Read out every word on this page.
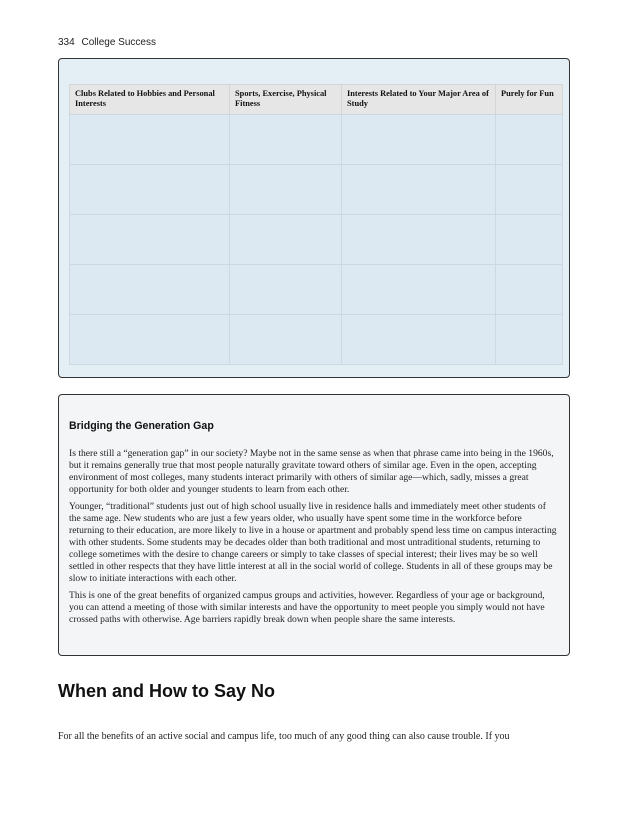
334 College Success
Clubs Related to Hobbies and Personal Interests	Sports, Exercise, Physical Fitness	Interests Related to Your Major Area of Study	Purely for Fun

Bridging the Generation Gap

Is there still a “generation gap” in our society? Maybe not in the same sense as when that phrase came into being in the 1960s, but it remains generally true that most people naturally gravitate toward others of similar age. Even in the open, accepting environment of most colleges, many students interact primarily with others of similar age—which, sadly, misses a great opportunity for both older and younger students to learn from each other.

Younger, “traditional” students just out of high school usually live in residence halls and immediately meet other students of the same age. New students who are just a few years older, who usually have spent some time in the workforce before returning to their education, are more likely to live in a house or apartment and probably spend less time on campus interacting with other students. Some students may be decades older than both traditional and most untraditional students, returning to college sometimes with the desire to change careers or simply to take classes of special interest; their lives may be so well settled in other respects that they have little interest at all in the social world of college. Students in all of these groups may be slow to initiate interactions with each other.

This is one of the great benefits of organized campus groups and activities, however. Regardless of your age or background, you can attend a meeting of those with similar interests and have the opportunity to meet people you simply would not have crossed paths with otherwise. Age barriers rapidly break down when people share the same interests.

When and How to Say No

For all the benefits of an active social and campus life, too much of any good thing can also cause trouble. If you
